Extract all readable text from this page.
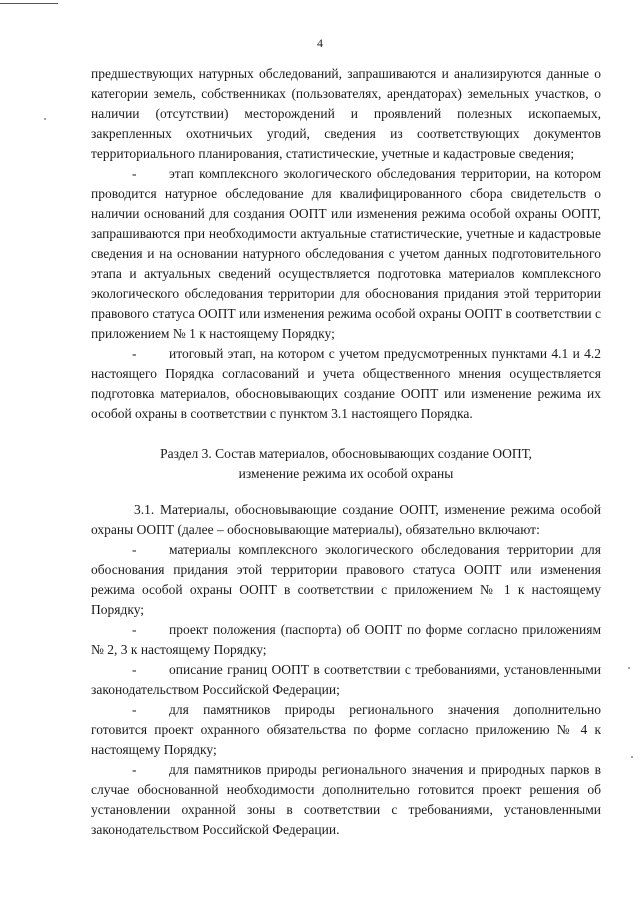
4

предшествующих натурных обследований, запрашиваются и анализируются данные о категории земель, собственниках (пользователях, арендаторах) земельных участков, о наличии (отсутствии) месторождений и проявлений полезных ископаемых, закрепленных охотничьих угодий, сведения из соответствующих документов территориального планирования, статистические, учетные и кадастровые сведения;

- этап комплексного экологического обследования территории, на котором проводится натурное обследование для квалифицированного сбора свидетельств о наличии оснований для создания ООПТ или изменения режима особой охраны ООПТ, запрашиваются при необходимости актуальные статистические, учетные и кадастровые сведения и на основании натурного обследования с учетом данных подготовительного этапа и актуальных сведений осуществляется подготовка материалов комплексного экологического обследования территории для обоснования придания этой территории правового статуса ООПТ или изменения режима особой охраны ООПТ в соответствии с приложением № 1 к настоящему Порядку;
- итоговый этап, на котором с учетом предусмотренных пунктами 4.1 и 4.2 настоящего Порядка согласований и учета общественного мнения осуществляется подготовка материалов, обосновывающих создание ООПТ или изменение режима их особой охраны в соответствии с пунктом 3.1 настоящего Порядка.

Раздел 3. Состав материалов, обосновывающих создание ООПТ,

изменение режима их особой охраны

3.1. Материалы, обосновывающие создание ООПТ, изменение режима особой охраны ООПТ (далее – обосновывающие материалы), обязательно включают:

- материалы комплексного экологического обследования территории для обоснования придания этой территории правового статуса ООПТ или изменения режима особой охраны ООПТ в соответствии с приложением № 1 к настоящему Порядку;
- проект положения (паспорта) об ООПТ по форме согласно приложениям № 2, 3 к настоящему Порядку;
- описание границ ООПТ в соответствии с требованиями, установленными законодательством Российской Федерации;
- для памятников природы регионального значения дополнительно готовится проект охранного обязательства по форме согласно приложению № 4 к настоящему Порядку;
- для памятников природы регионального значения и природных парков в случае обоснованной необходимости дополнительно готовится проект решения об установлении охранной зоны в соответствии с требованиями, установленными законодательством Российской Федерации.
